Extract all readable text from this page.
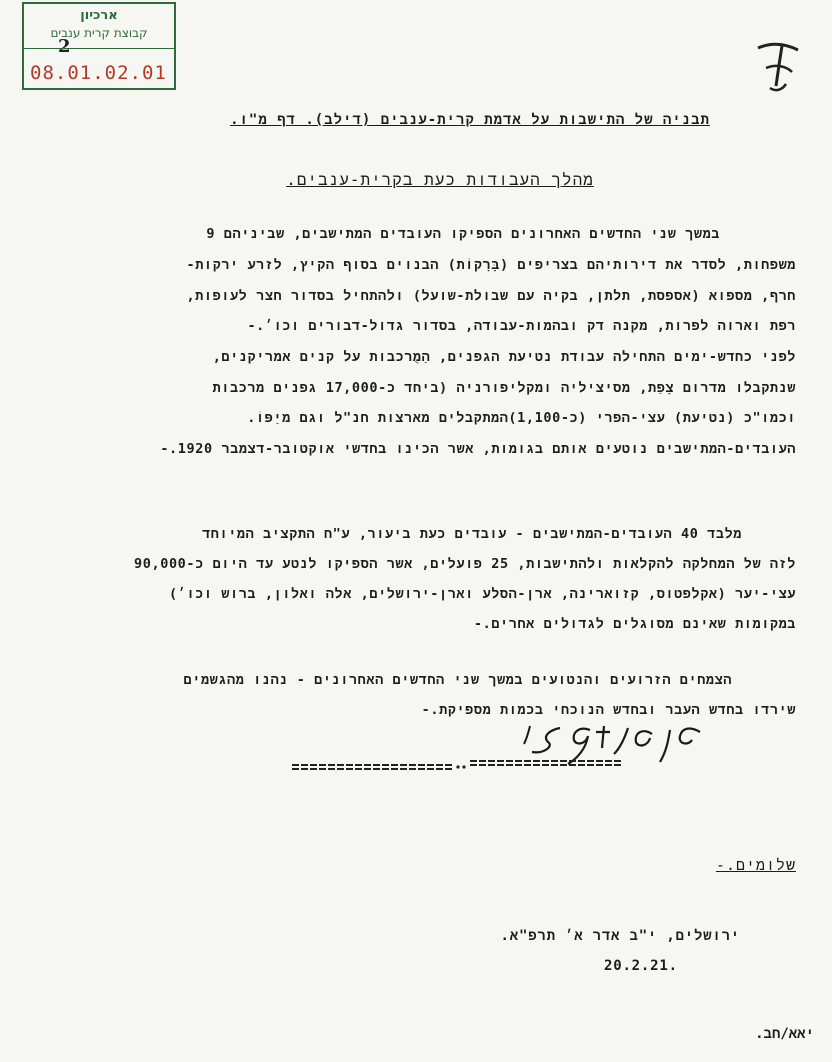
ארכיון
קבוצת קרית ענבים
2
08.01.02.01
תבניה של התישבות על אדמת קרית-ענבים (דילב). דף מ"ו.
מהלך העבודות כעת בקרית-ענבים.
במשך שני החדשים האחרונים הספיקו העובדים המתישבים, שביניהם 9
משפחות, לסדר את דירותיהם בצריפים (בָּרָקוֹת) הבנוים בסוף הקיץ, לזרע ירקות-
חרף, מספוא (אספסת, תלתן, בקיה עם שבולת-שועל) ולהתחיל בסדור חצר לעופות,
רפת וארוה לפרות, מקנה דק ובהמות-עבודה, בסדור גדול-דבורים וכו׳.-
לפני כחדש-ימים התחילה עבודת נטיעת הגפנים, הַמֻרכבות על קנים אמריקנים,
שנתקבלו מדרום צָפַת, מסיציליה ומקליפורניה (ביחד כ-17,000 גפנים מרכבות
וכמו"כ (נטיעת) עצי-הפרי (כ-1,100)המתקבלים מארצות חנ"ל וגם מיַפּוֹ.
העובדים-המתישבים נוטעים אותם בגומות, אשר הכינו בחדשי אוקטובר-דצמבר 1920.-
מלבד 40 העובדים-המתישבים - עובדים כעת ביעור, ע"ח התקציב המיוחד
לזה של המחלקה להקלאות ולהתישבות, 25 פועלים, אשר הספיקו לנטע עד היום כ-90,000
עצי-יער (אקלפטוס, קזוארינה, ארן-הסלע וארן-ירושלים, אלה ואלון, ברוש וכו׳)
במקומות שאינם מסוגלים לגדולים אחרים.-
הצמחים הזרועים והנטועים במשך שני החדשים האחרונים - נהנו מהגשמים
שירדו בחדש העבר ובחדש הנוכחי בכמות מספיקת.-
שלומים.-
ירושלים, י"ב אדר א׳ תרפ"א.
20.2.21.
יאא/חב.
